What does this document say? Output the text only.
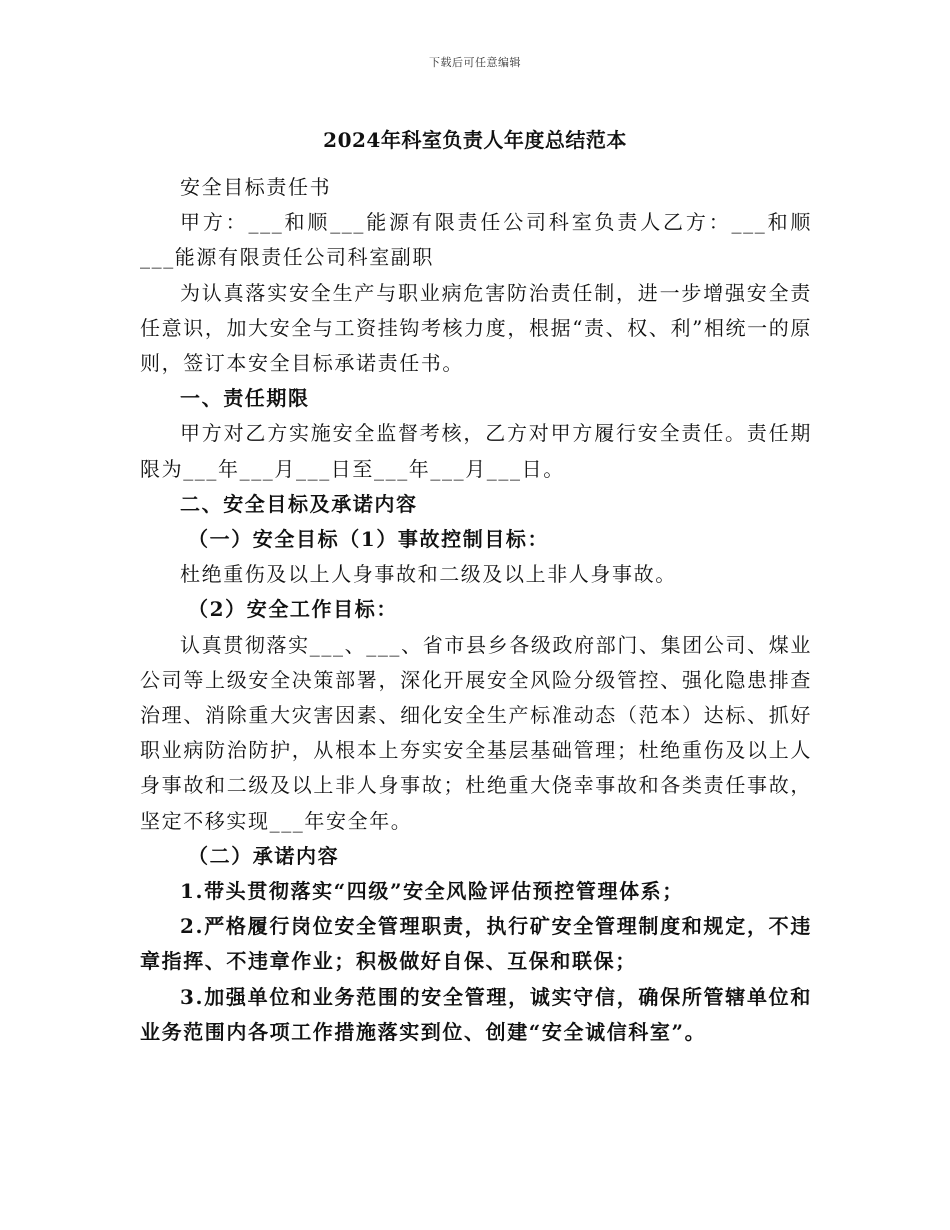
下载后可任意编辑
2024年科室负责人年度总结范本

安全目标责任书

甲方：___和顺___能源有限责任公司科室负责人乙方：___和顺___能源有限责任公司科室副职

为认真落实安全生产与职业病危害防治责任制，进一步增强安全责任意识，加大安全与工资挂钩考核力度，根据“责、权、利”相统一的原则，签订本安全目标承诺责任书。

一、责任期限

甲方对乙方实施安全监督考核，乙方对甲方履行安全责任。责任期限为___年___月___日至___年___月___日。

二、安全目标及承诺内容

（一）安全目标（1）事故控制目标：

杜绝重伤及以上人身事故和二级及以上非人身事故。

（2）安全工作目标：

认真贯彻落实___、___、省市县乡各级政府部门、集团公司、煤业公司等上级安全决策部署，深化开展安全风险分级管控、强化隐患排查治理、消除重大灾害因素、细化安全生产标准动态（范本）达标、抓好职业病防治防护，从根本上夯实安全基层基础管理；杜绝重伤及以上人身事故和二级及以上非人身事故；杜绝重大侥幸事故和各类责任事故，坚定不移实现___年安全年。

（二）承诺内容

1.带头贯彻落实“四级”安全风险评估预控管理体系；

2.严格履行岗位安全管理职责，执行矿安全管理制度和规定，不违章指挥、不违章作业；积极做好自保、互保和联保；

3.加强单位和业务范围的安全管理，诚实守信，确保所管辖单位和业务范围内各项工作措施落实到位、创建“安全诚信科室”。
